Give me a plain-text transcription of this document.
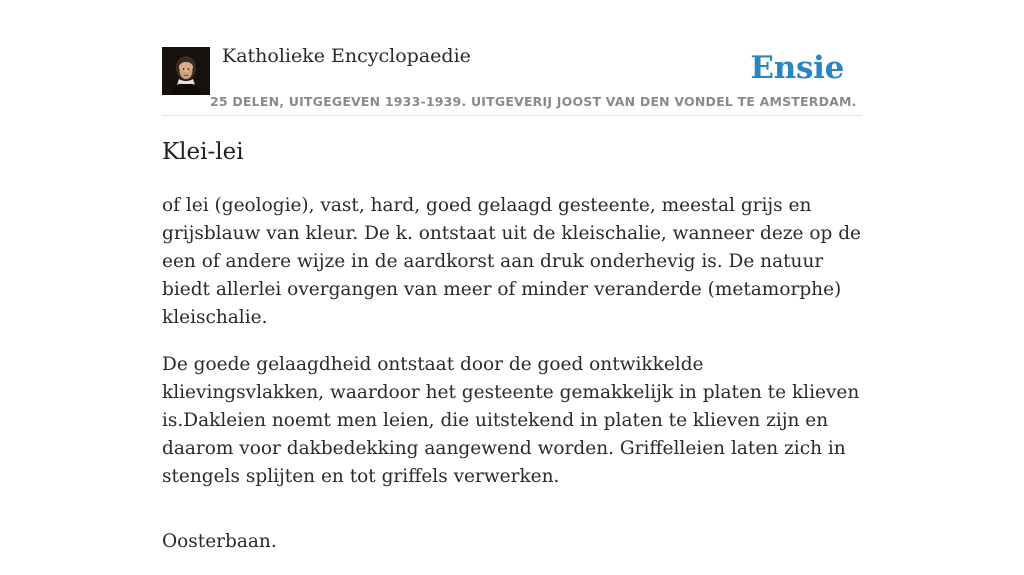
Katholieke Encyclopaedie
25 DELEN, UITGEGEVEN 1933-1939. UITGEVERIJ JOOST VAN DEN VONDEL TE AMSTERDAM.
Ensie
Klei-lei

of lei (geologie), vast, hard, goed gelaagd gesteente, meestal grijs en grijsblauw van kleur. De k. ontstaat uit de kleischalie, wanneer deze op de een of andere wijze in de aardkorst aan druk onderhevig is. De natuur biedt allerlei overgangen van meer of minder veranderde (metamorphe) kleischalie.

De goede gelaagdheid ontstaat door de goed ontwikkelde klievingsvlakken, waardoor het gesteente gemakkelijk in platen te klieven is.Dakleien noemt men leien, die uitstekend in platen te klieven zijn en daarom voor dakbedekking aangewend worden. Griffelleien laten zich in stengels splijten en tot griffels verwerken.

Oosterbaan.
